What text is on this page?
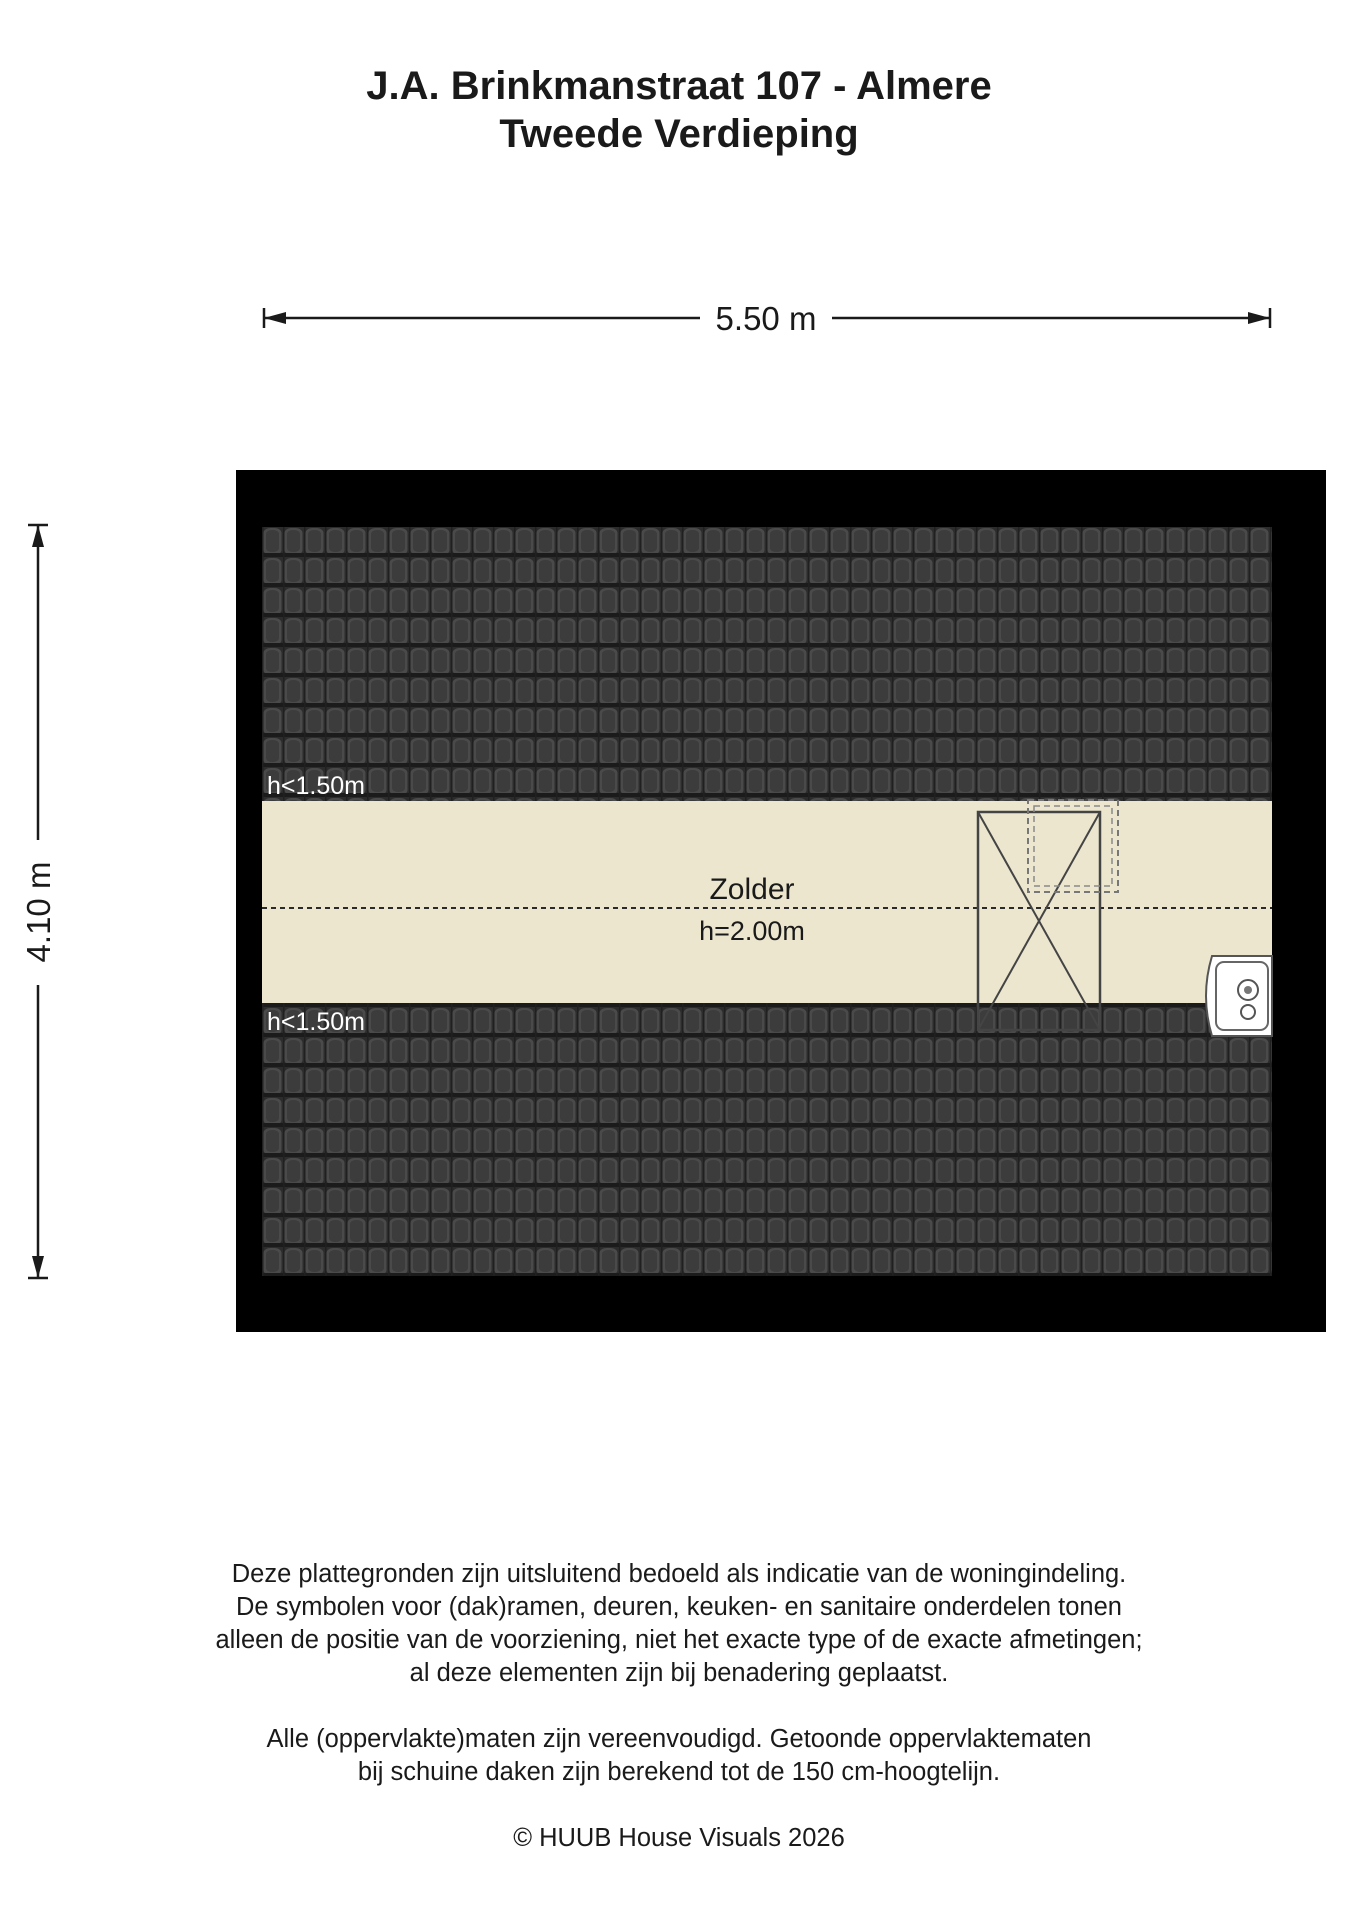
J.A. Brinkmanstraat 107 - Almere
Tweede Verdieping
5.50 m
4.10 m
h<1.50m
h<1.50m
Zolder
h=2.00m
Deze plattegronden zijn uitsluitend bedoeld als indicatie van de woningindeling.
De symbolen voor (dak)ramen, deuren, keuken- en sanitaire onderdelen tonen
alleen de positie van de voorziening, niet het exacte type of de exacte afmetingen;
al deze elementen zijn bij benadering geplaatst.
Alle (oppervlakte)maten zijn vereenvoudigd. Getoonde oppervlaktematen
bij schuine daken zijn berekend tot de 150 cm-hoogtelijn.
© HUUB House Visuals 2026
